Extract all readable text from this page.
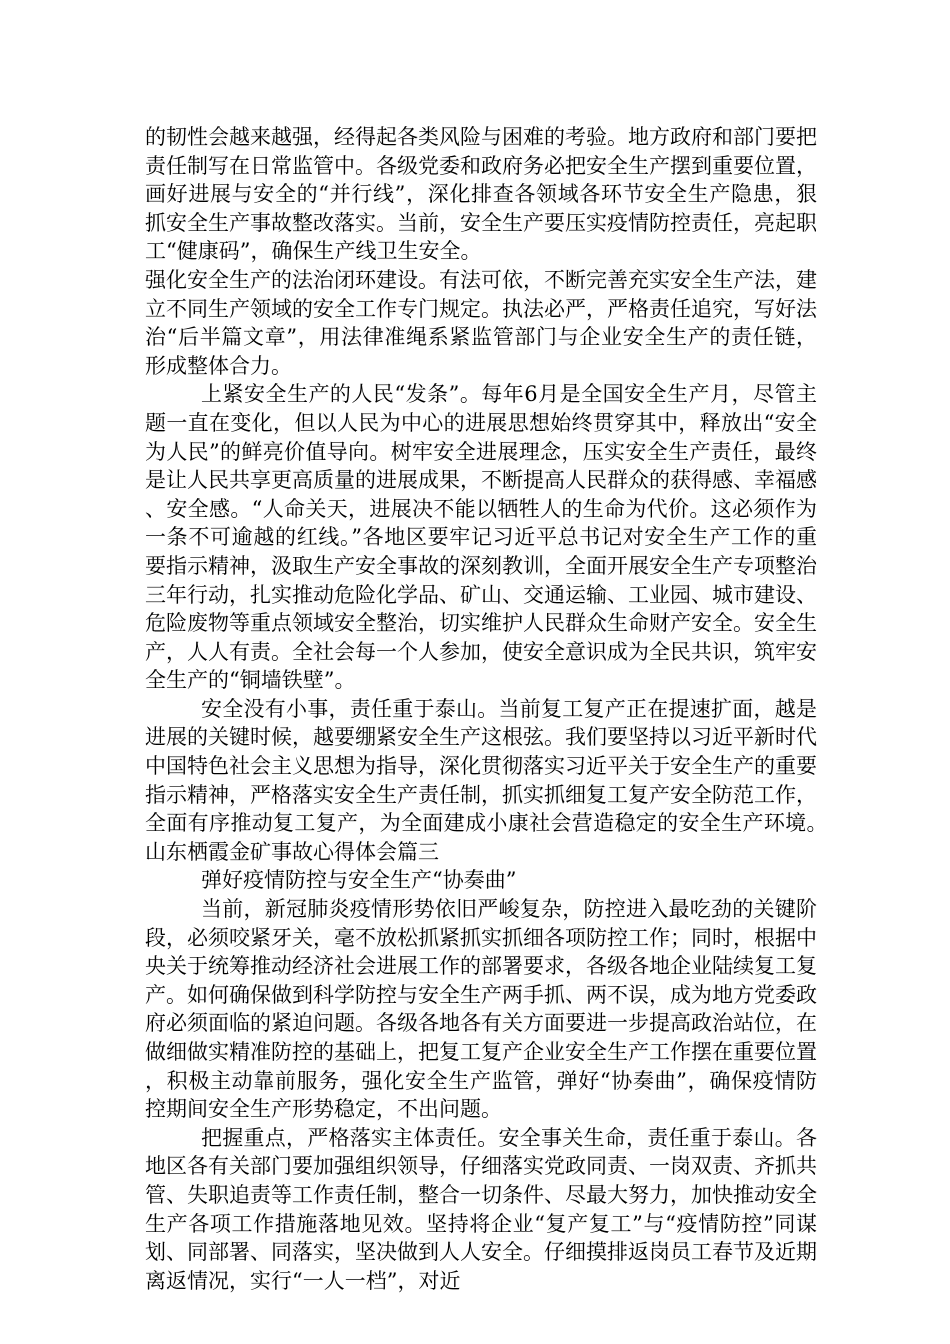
的韧性会越来越强，经得起各类风险与困难的考验。地方政府和部门要把责任制写在日常监管中。各级党委和政府务必把安全生产摆到重要位置，画好进展与安全的“并行线”，深化排查各领域各环节安全生产隐患，狠抓安全生产事故整改落实。当前，安全生产要压实疫情防控责任，亮起职工“健康码”，确保生产线卫生安全。

强化安全生产的法治闭环建设。有法可依，不断完善充实安全生产法，建立不同生产领域的安全工作专门规定。执法必严，严格责任追究，写好法治“后半篇文章”，用法律准绳系紧监管部门与企业安全生产的责任链，形成整体合力。

上紧安全生产的人民“发条”。每年6月是全国安全生产月，尽管主题一直在变化，但以人民为中心的进展思想始终贯穿其中，释放出“安全为人民”的鲜亮价值导向。树牢安全进展理念，压实安全生产责任，最终是让人民共享更高质量的进展成果，不断提高人民群众的获得感、幸福感、安全感。“人命关天，进展决不能以牺牲人的生命为代价。这必须作为一条不可逾越的红线。”各地区要牢记习近平总书记对安全生产工作的重要指示精神，汲取生产安全事故的深刻教训，全面开展安全生产专项整治三年行动，扎实推动危险化学品、矿山、交通运输、工业园、城市建设、危险废物等重点领域安全整治，切实维护人民群众生命财产安全。安全生产，人人有责。全社会每一个人参加，使安全意识成为全民共识，筑牢安全生产的“铜墙铁壁”。

安全没有小事，责任重于泰山。当前复工复产正在提速扩面，越是进展的关键时候，越要绷紧安全生产这根弦。我们要坚持以习近平新时代中国特色社会主义思想为指导，深化贯彻落实习近平关于安全生产的重要指示精神，严格落实安全生产责任制，抓实抓细复工复产安全防范工作，全面有序推动复工复产，为全面建成小康社会营造稳定的安全生产环境。　　山东栖霞金矿事故心得体会篇三

弹好疫情防控与安全生产“协奏曲”

当前，新冠肺炎疫情形势依旧严峻复杂，防控进入最吃劲的关键阶段，必须咬紧牙关，毫不放松抓紧抓实抓细各项防控工作；同时，根据中央关于统筹推动经济社会进展工作的部署要求，各级各地企业陆续复工复产。如何确保做到科学防控与安全生产两手抓、两不误，成为地方党委政府必须面临的紧迫问题。各级各地各有关方面要进一步提高政治站位，在做细做实精准防控的基础上，把复工复产企业安全生产工作摆在重要位置，积极主动靠前服务，强化安全生产监管，弹好“协奏曲”，确保疫情防控期间安全生产形势稳定，不出问题。

把握重点，严格落实主体责任。安全事关生命，责任重于泰山。各地区各有关部门要加强组织领导，仔细落实党政同责、一岗双责、齐抓共管、失职追责等工作责任制，整合一切条件、尽最大努力，加快推动安全生产各项工作措施落地见效。坚持将企业“复产复工”与“疫情防控”同谋划、同部署、同落实，坚决做到人人安全。仔细摸排返岗员工春节及近期离返情况，实行“一人一档”，对近
